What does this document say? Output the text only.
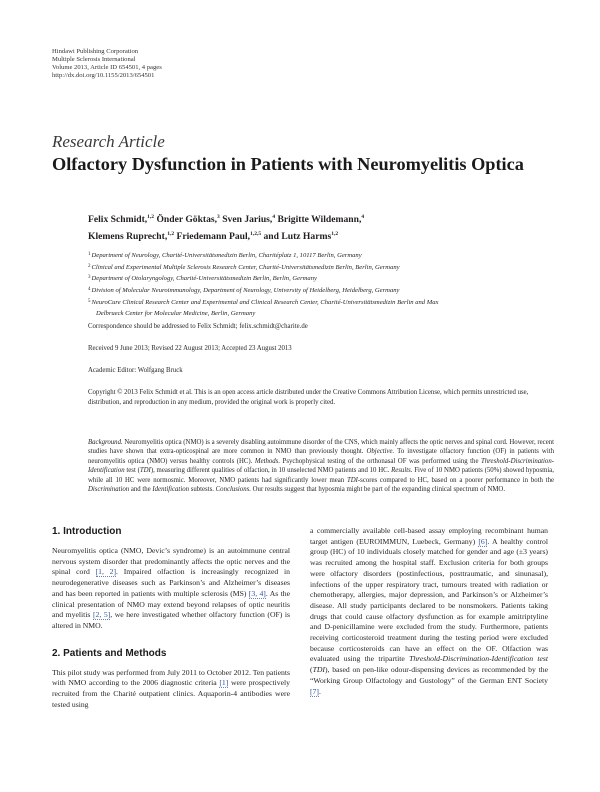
Hindawi Publishing Corporation
Multiple Sclerosis International
Volume 2013, Article ID 654501, 4 pages
http://dx.doi.org/10.1155/2013/654501
Research Article
Olfactory Dysfunction in Patients with Neuromyelitis Optica
Felix Schmidt,$^{1,2}$ Önder Göktas,$^3$ Sven Jarius,$^4$ Brigitte Wildemann,$^4$
Klemens Ruprecht,$^{1,2}$ Friedemann Paul,$^{1,2,5}$ and Lutz Harms$^{1,2}$
$^1$Department of Neurology, Charité-Universitätsmedizin Berlin, Charitéplatz 1, 10117 Berlin, Germany
$^2$Clinical and Experimental Multiple Sclerosis Research Center, Charité-Universitätsmedizin Berlin, Berlin, Germany
$^3$Department of Otolaryngology, Charité-Universitätsmedizin Berlin, Berlin, Germany
$^4$Division of Molecular Neuroimmunology, Department of Neurology, University of Heidelberg, Heidelberg, Germany
$^5$NeuroCure Clinical Research Center and Experimental and Clinical Research Center, Charité-Universitätsmedizin Berlin and Max
Delbrueck Center for Molecular Medicine, Berlin, Germany
Correspondence should be addressed to Felix Schmidt; felix.schmidt@charite.de
Received 9 June 2013; Revised 22 August 2013; Accepted 23 August 2013
Academic Editor: Wolfgang Bruck
Copyright © 2013 Felix Schmidt et al. This is an open access article distributed under the Creative Commons Attribution License, which permits unrestricted use, distribution, and reproduction in any medium, provided the original work is properly cited.
Background. Neuromyelitis optica (NMO) is a severely disabling autoimmune disorder of the CNS, which mainly affects the optic nerves and spinal cord. However, recent studies have shown that extra-opticospinal are more common in NMO than previously thought. Objective. To investigate olfactory function (OF) in patients with neuromyelitis optica (NMO) versus healthy controls (HC). Methods. Psychophysical testing of the orthonasal OF was performed using the Threshold-Discrimination-Identification test (TDI), measuring different qualities of olfaction, in 10 unselected NMO patients and 10 HC. Results. Five of 10 NMO patients (50%) showed hyposmia, while all 10 HC were normosmic. Moreover, NMO patients had significantly lower mean TDI-scores compared to HC, based on a poorer performance in both the Discrimination and the Identification subtests. Conclusions. Our results suggest that hyposmia might be part of the expanding clinical spectrum of NMO.
1. Introduction

Neuromyelitis optica (NMO, Devic’s syndrome) is an autoimmune central nervous system disorder that predominantly affects the optic nerves and the spinal cord [1, 2]. Impaired olfaction is increasingly recognized in neurodegenerative diseases such as Parkinson’s and Alzheimer’s diseases and has been reported in patients with multiple sclerosis (MS) [3, 4]. As the clinical presentation of NMO may extend beyond relapses of optic neuritis and myelitis [2, 5], we here investigated whether olfactory function (OF) is altered in NMO.

2. Patients and Methods

This pilot study was performed from July 2011 to October 2012. Ten patients with NMO according to the 2006 diagnostic criteria [1] were prospectively recruited from the Charité outpatient clinics. Aquaporin-4 antibodies were tested using

a commercially available cell-based assay employing recombinant human target antigen (EUROIMMUN, Luebeck, Germany) [6]. A healthy control group (HC) of 10 individuals closely matched for gender and age (±3 years) was recruited among the hospital staff. Exclusion criteria for both groups were olfactory disorders (postinfectious, posttraumatic, and sinunasal), infections of the upper respiratory tract, tumours treated with radiation or chemotherapy, allergies, major depression, and Parkinson’s or Alzheimer’s disease. All study participants declared to be nonsmokers. Patients taking drugs that could cause olfactory dysfunction as for example amitriptyline and D-penicillamine were excluded from the study. Furthermore, patients receiving corticosteroid treatment during the testing period were excluded because corticosteroids can have an effect on the OF. Olfaction was evaluated using the tripartite Threshold-Discrimination-Identification test (TDI), based on pen-like odour-dispensing devices as recommended by the “Working Group Olfactology and Gustology” of the German ENT Society [7].
